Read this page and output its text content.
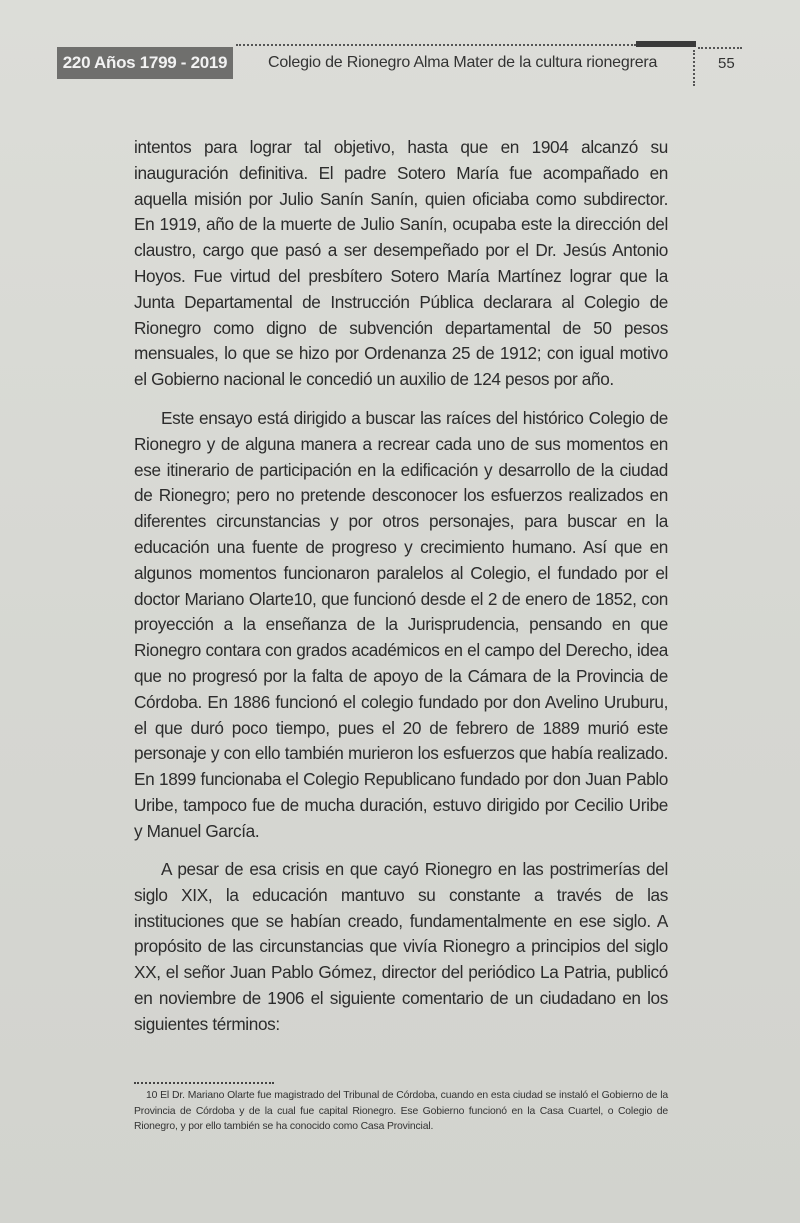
220 Años 1799 - 2019	Colegio de Rionegro Alma Mater de la cultura rionegrera	55

intentos para lograr tal objetivo, hasta que en 1904 alcanzó su inauguración definitiva. El padre Sotero María fue acompañado en aquella misión por Julio Sanín Sanín, quien oficiaba como subdirector. En 1919, año de la muerte de Julio Sanín, ocupaba este la dirección del claustro, cargo que pasó a ser desempeñado por el Dr. Jesús Antonio Hoyos. Fue virtud del presbítero Sotero María Martínez lograr que la Junta Departamental de Instrucción Pública declarara al Colegio de Rionegro como digno de subvención departamental de 50 pesos mensuales, lo que se hizo por Ordenanza 25 de 1912; con igual motivo el Gobierno nacional le concedió un auxilio de 124 pesos por año.

Este ensayo está dirigido a buscar las raíces del histórico Colegio de Rionegro y de alguna manera a recrear cada uno de sus momentos en ese itinerario de participación en la edificación y desarrollo de la ciudad de Rionegro; pero no pretende desconocer los esfuerzos realizados en diferentes circunstancias y por otros personajes, para buscar en la educación una fuente de progreso y crecimiento humano. Así que en algunos momentos funcionaron paralelos al Colegio, el fundado por el doctor Mariano Olarte10, que funcionó desde el 2 de enero de 1852, con proyección a la enseñanza de la Jurisprudencia, pensando en que Rionegro contara con grados académicos en el campo del Derecho, idea que no progresó por la falta de apoyo de la Cámara de la Provincia de Córdoba. En 1886 funcionó el colegio fundado por don Avelino Uruburu, el que duró poco tiempo, pues el 20 de febrero de 1889 murió este personaje y con ello también murieron los esfuerzos que había realizado. En 1899 funcionaba el Colegio Republicano fundado por don Juan Pablo Uribe, tampoco fue de mucha duración, estuvo dirigido por Cecilio Uribe y Manuel García.

A pesar de esa crisis en que cayó Rionegro en las postrimerías del siglo XIX, la educación mantuvo su constante a través de las instituciones que se habían creado, fundamentalmente en ese siglo. A propósito de las circunstancias que vivía Rionegro a principios del siglo XX, el señor Juan Pablo Gómez, director del periódico La Patria, publicó en noviembre de 1906 el siguiente comentario de un ciudadano en los siguientes términos:

10 El Dr. Mariano Olarte fue magistrado del Tribunal de Córdoba, cuando en esta ciudad se instaló el Gobierno de la Provincia de Córdoba y de la cual fue capital Rionegro. Ese Gobierno funcionó en la Casa Cuartel, o Colegio de Rionegro, y por ello también se ha conocido como Casa Provincial.
